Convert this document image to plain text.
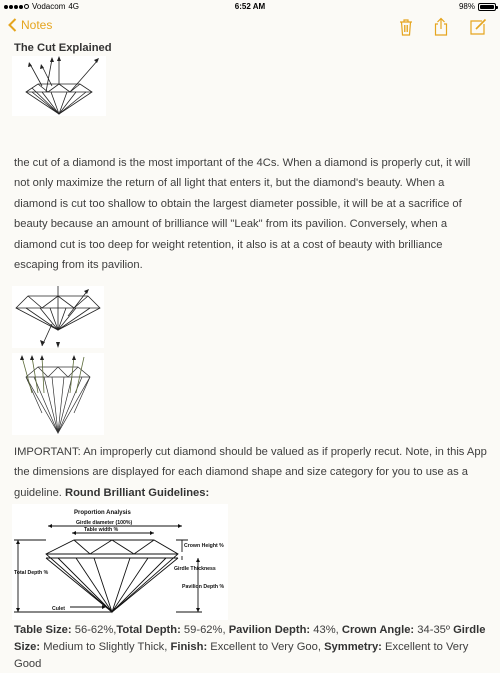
Vodacom 4G	6:52 AM	98%
Notes
The Cut Explained
the cut of a diamond is the most important of the 4Cs. When a diamond is properly cut, it will not only maximize the return of all light that enters it, but the diamond's beauty. When a diamond is cut too shallow to obtain the largest diameter possible, it will be at a sacrifice of beauty because an amount of brilliance will "Leak" from its pavilion. Conversely, when a diamond cut is too deep for weight retention, it also is at a cost of beauty with brilliance escaping from its pavilion.
IMPORTANT: An improperly cut diamond should be valued as if properly recut. Note, in this App the dimensions are displayed for each diamond shape and size category for you to use as a guideline. Round Brilliant Guidelines:
Proportion Analysis
Girdle diameter (100%)
Table width %
Crown Height %
Total Depth %
Girdle Thickness
Pavilion Depth %
Culet
Table Size: 56-62%,Total Depth: 59-62%, Pavilion Depth: 43%, Crown Angle: 34-35º Girdle Size: Medium to Slightly Thick, Finish: Excellent to Very Goo, Symmetry: Excellent to Very Good
